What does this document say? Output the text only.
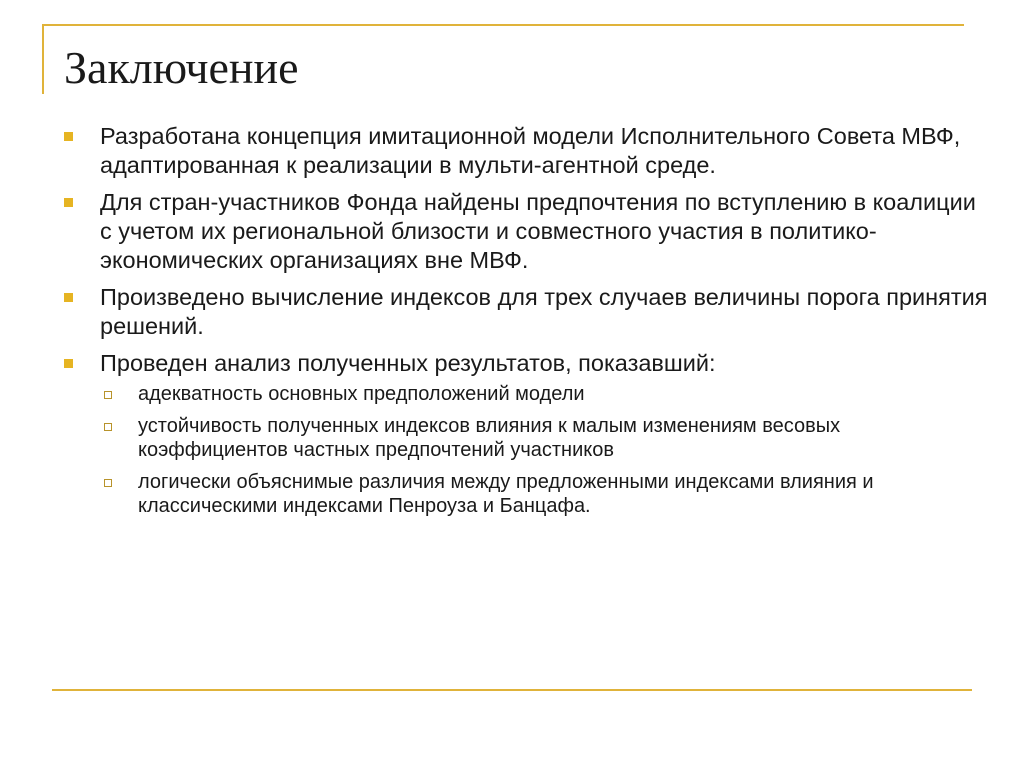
Заключение
Разработана концепция имитационной модели Исполнительного Совета МВФ, адаптированная к реализации в мульти-агентной среде.
Для стран-участников Фонда найдены предпочтения по вступлению в коалиции с учетом их региональной близости и совместного участия в политико-экономических организациях вне МВФ.
Произведено вычисление индексов для трех случаев величины порога принятия решений.
Проведен анализ полученных результатов, показавший:
адекватность основных предположений модели
устойчивость полученных индексов влияния к малым изменениям весовых коэффициентов частных предпочтений участников
логически объяснимые различия между предложенными индексами влияния и классическими индексами Пенроуза и Банцафа.
